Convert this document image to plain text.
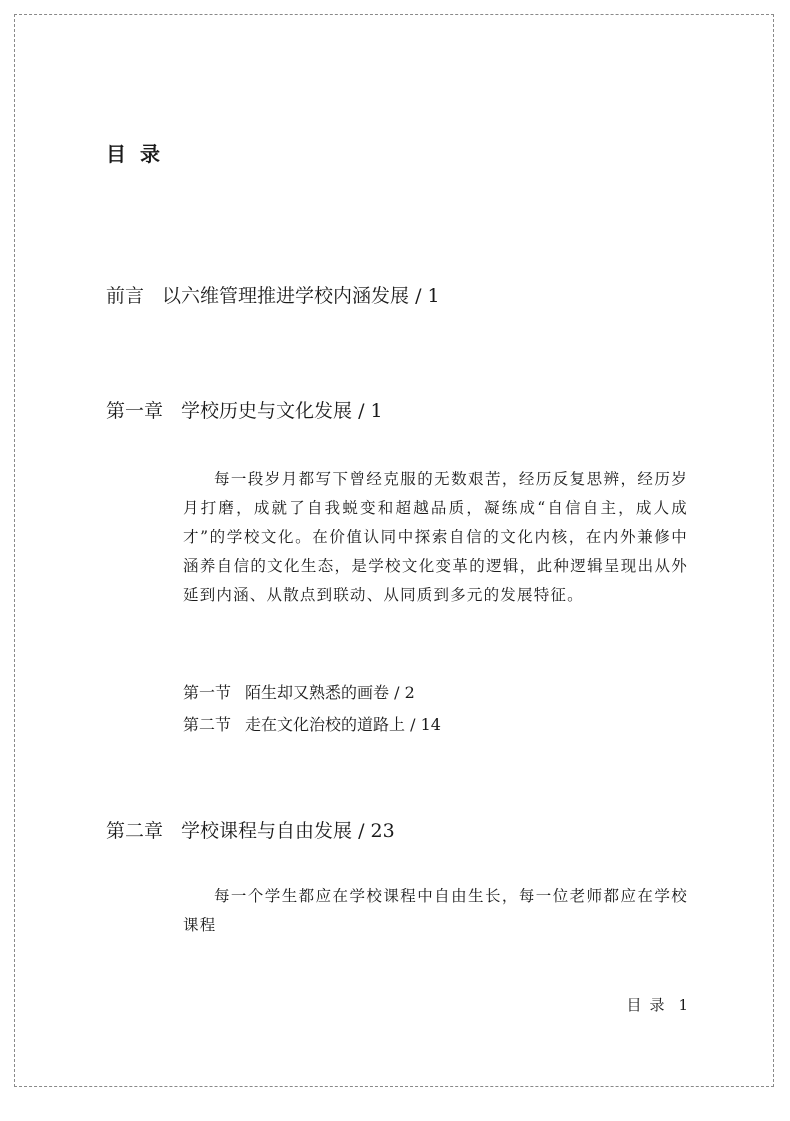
目录
前言 以六维管理推进学校内涵发展 / 1
第一章 学校历史与文化发展 / 1

每一段岁月都写下曾经克服的无数艰苦，经历反复思辨，经历岁月打磨，成就了自我蜕变和超越品质，凝练成“自信自主，成人成才”的学校文化。在价值认同中探索自信的文化内核，在内外兼修中涵养自信的文化生态，是学校文化变革的逻辑，此种逻辑呈现出从外延到内涵、从散点到联动、从同质到多元的发展特征。

第一节 陌生却又熟悉的画卷 / 2
第二节 走在文化治校的道路上 / 14
第二章 学校课程与自由发展 / 23

每一个学生都应在学校课程中自由生长，每一位老师都应在学校课程

目录 1
